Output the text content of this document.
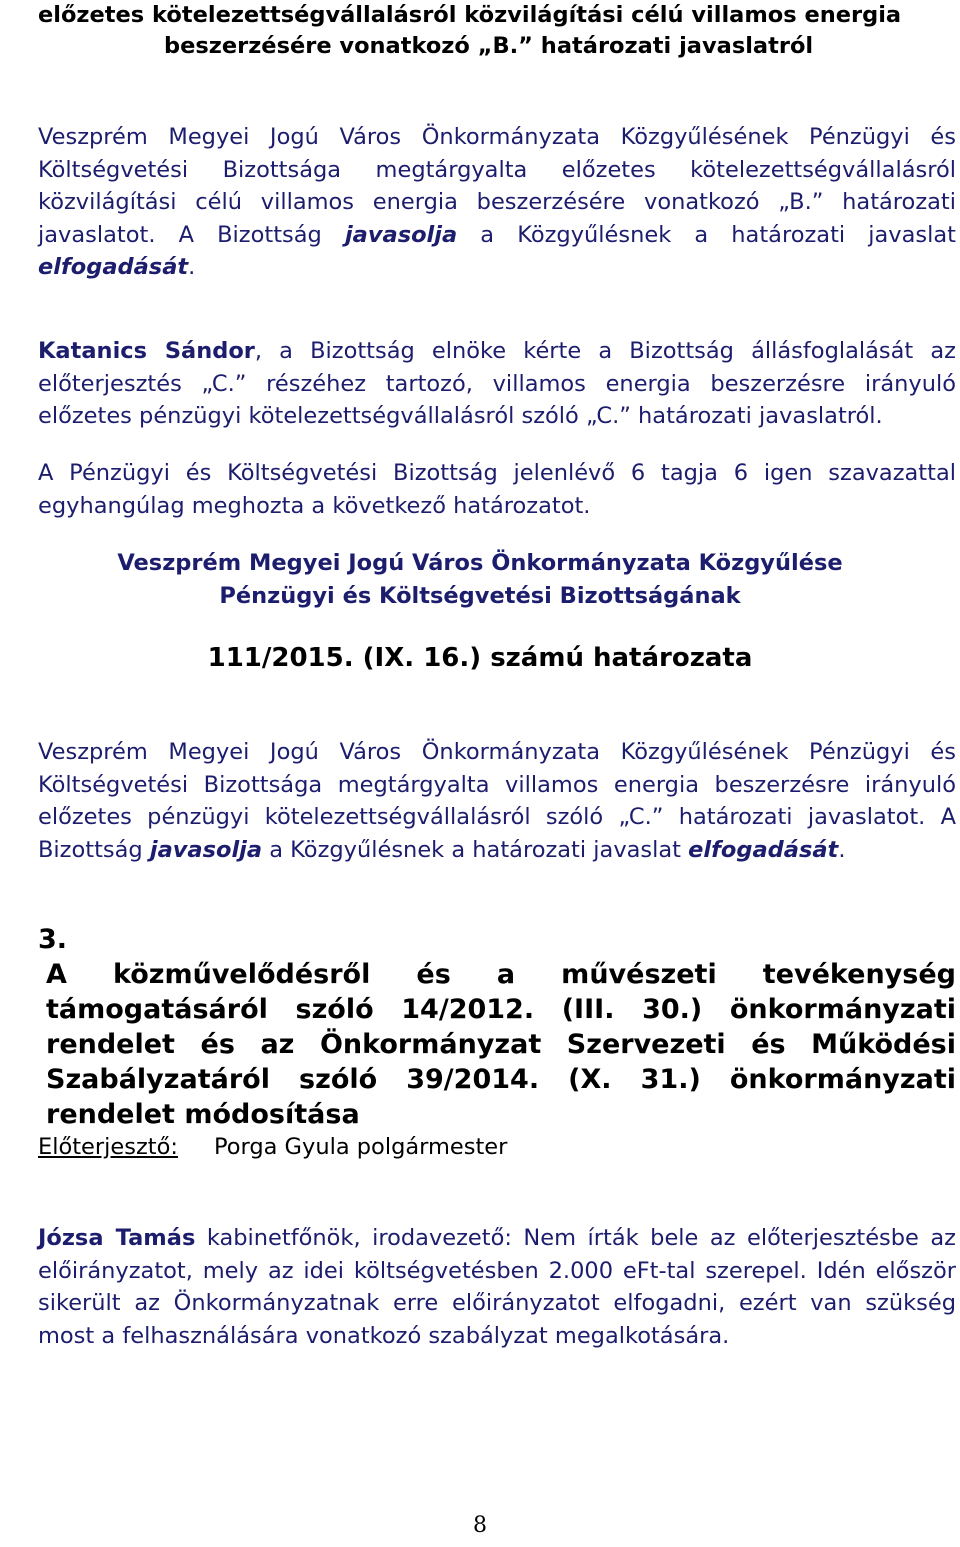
előzetes kötelezettségvállalásról közvilágítási célú villamos energia
beszerzésére vonatkozó „B.” határozati javaslatról

Veszprém Megyei Jogú Város Önkormányzata Közgyűlésének Pénzügyi és Költségvetési Bizottsága megtárgyalta előzetes kötelezettségvállalásról közvilágítási célú villamos energia beszerzésére vonatkozó „B.” határozati javaslatot. A Bizottság javasolja a Közgyűlésnek a határozati javaslat elfogadását.

Katanics Sándor, a Bizottság elnöke kérte a Bizottság állásfoglalását az előterjesztés „C.” részéhez tartozó, villamos energia beszerzésre irányuló előzetes pénzügyi kötelezettségvállalásról szóló „C.” határozati javaslatról.

A Pénzügyi és Költségvetési Bizottság jelenlévő 6 tagja 6 igen szavazattal egyhangúlag meghozta a következő határozatot.

Veszprém Megyei Jogú Város Önkormányzata Közgyűlése
Pénzügyi és Költségvetési Bizottságának

111/2015. (IX. 16.) számú határozata

Veszprém Megyei Jogú Város Önkormányzata Közgyűlésének Pénzügyi és Költségvetési Bizottsága megtárgyalta villamos energia beszerzésre irányuló előzetes pénzügyi kötelezettségvállalásról szóló „C.” határozati javaslatot. A Bizottság javasolja a Közgyűlésnek a határozati javaslat elfogadását.

3.
A közművelődésről és a művészeti tevékenység támogatásáról szóló 14/2012. (III. 30.) önkormányzati rendelet és az Önkormányzat Szervezeti és Működési Szabályzatáról szóló 39/2014. (X. 31.) önkormányzati rendelet módosítása

Előterjesztő: Porga Gyula polgármester

Józsa Tamás kabinetfőnök, irodavezető: Nem írták bele az előterjesztésbe az előirányzatot, mely az idei költségvetésben 2.000 eFt-tal szerepel. Idén először sikerült az Önkormányzatnak erre előirányzatot elfogadni, ezért van szükség most a felhasználására vonatkozó szabályzat megalkotására.

8
